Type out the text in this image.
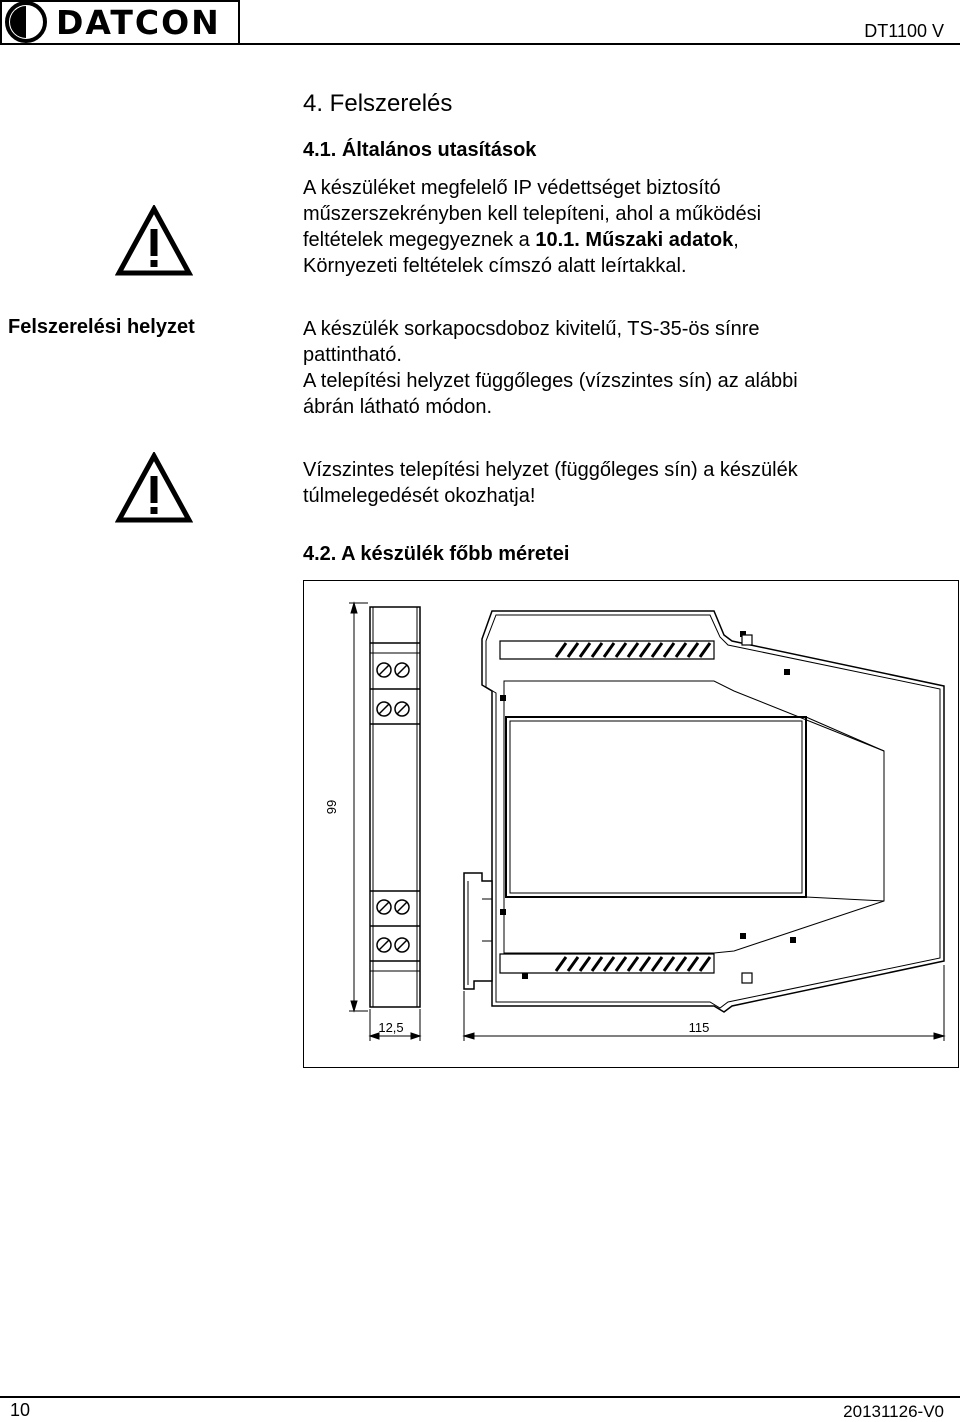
DATCON	DT1100 V
4. Felszerelés
4.1. Általános utasítások
A készüléket megfelelő IP védettséget biztosító
műszerszekrényben kell telepíteni, ahol a működési
feltételek megegyeznek a 10.1. Műszaki adatok,
Környezeti feltételek címszó alatt leírtakkal.
Felszerelési helyzet	A készülék sorkapocsdoboz kivitelű, TS-35-ös sínre
pattintható.
A telepítési helyzet függőleges (vízszintes sín) az alábbi
ábrán látható módon.
Vízszintes telepítési helyzet (függőleges sín) a készülék
túlmelegedését okozhatja!
4.2. A készülék főbb méretei
99
12,5	115
10	20131126-V0
